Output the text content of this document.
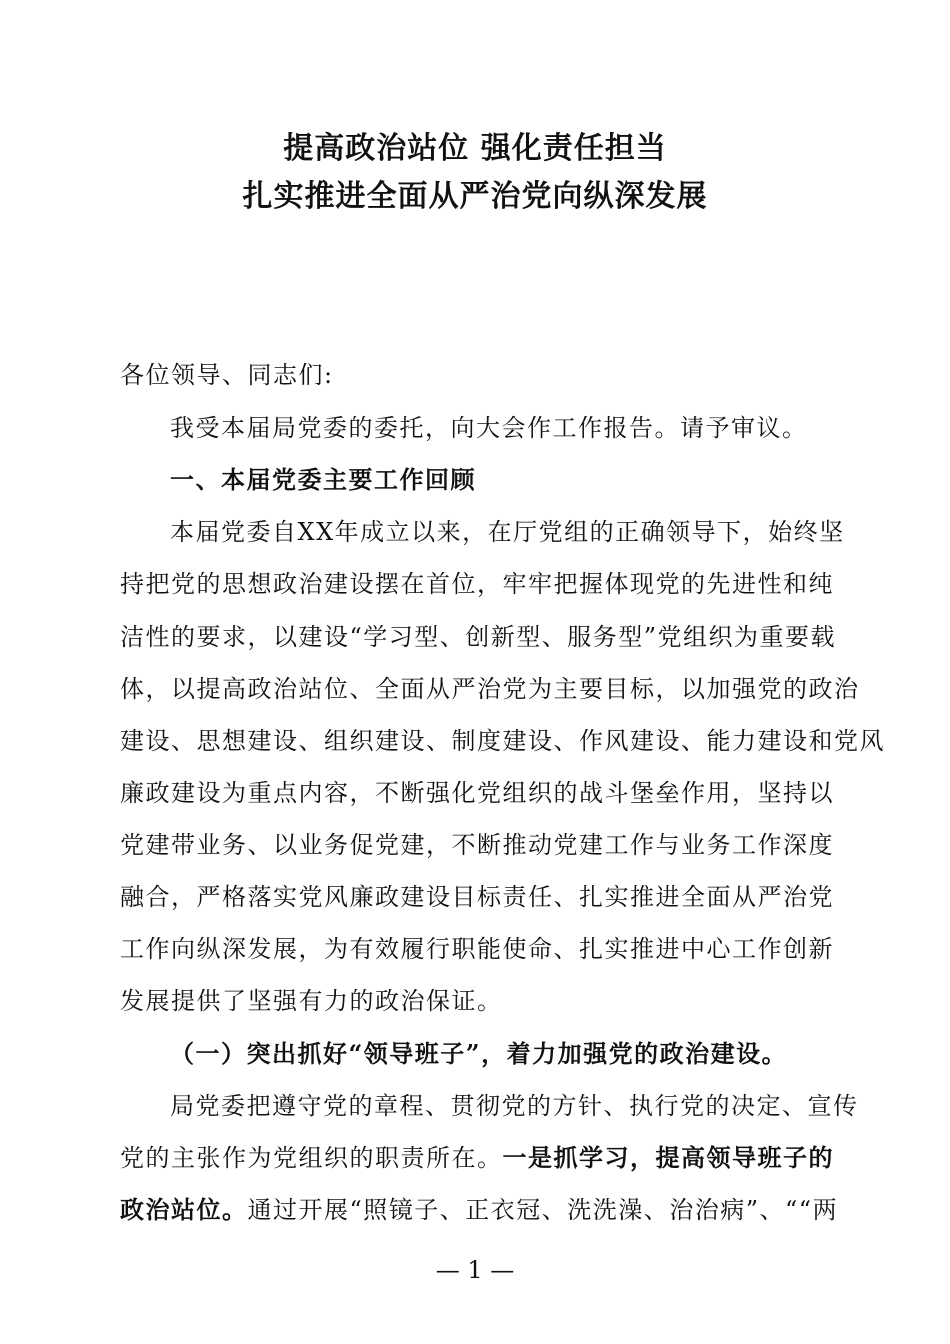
提高政治站位 强化责任担当
扎实推进全面从严治党向纵深发展
各位领导、同志们:
我受本届局党委的委托，向大会作工作报告。请予审议。
一、本届党委主要工作回顾
本届党委自XX年成立以来，在厅党组的正确领导下，始终坚
持把党的思想政治建设摆在首位，牢牢把握体现党的先进性和纯
洁性的要求，以建设“学习型、创新型、服务型”党组织为重要载
体，以提高政治站位、全面从严治党为主要目标，以加强党的政治
建设、思想建设、组织建设、制度建设、作风建设、能力建设和党风
廉政建设为重点内容，不断强化党组织的战斗堡垒作用，坚持以
党建带业务、以业务促党建，不断推动党建工作与业务工作深度
融合，严格落实党风廉政建设目标责任、扎实推进全面从严治党
工作向纵深发展，为有效履行职能使命、扎实推进中心工作创新
发展提供了坚强有力的政治保证。
（一）突出抓好“领导班子”，着力加强党的政治建设。
局党委把遵守党的章程、贯彻党的方针、执行党的决定、宣传
党的主张作为党组织的职责所在。一是抓学习，提高领导班子的
政治站位。通过开展“照镜子、正衣冠、洗洗澡、治治病”、““两
— 1 —
